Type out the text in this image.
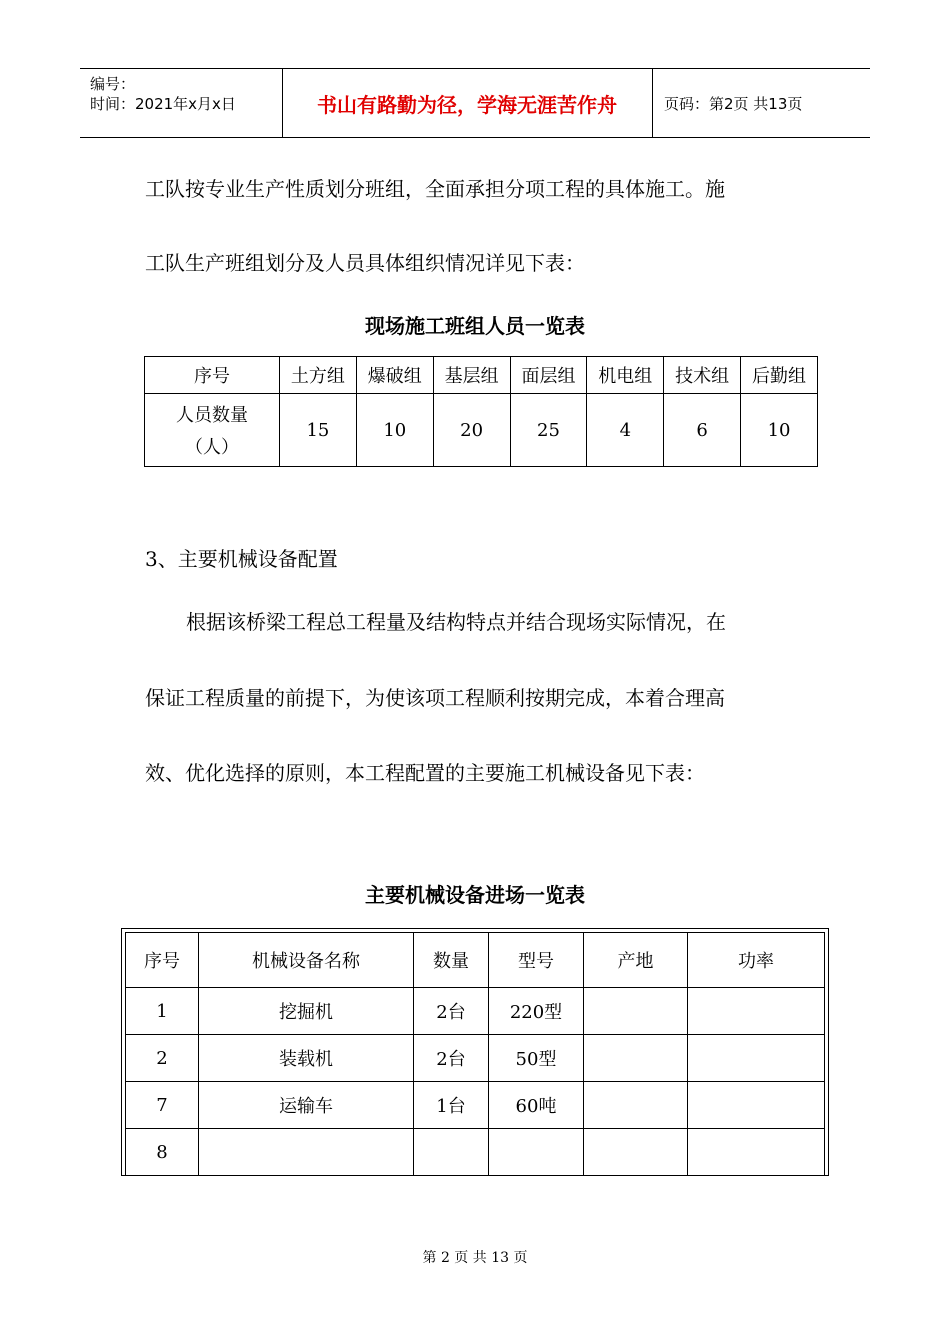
编号：
时间：2021年x月x日	书山有路勤为径，学海无涯苦作舟	页码：第2页 共13页
工队按专业生产性质划分班组，全面承担分项工程的具体施工。施
工队生产班组划分及人员具体组织情况详见下表：
现场施工班组人员一览表
序号	土方组	爆破组	基层组	面层组	机电组	技术组	后勤组

人员数量
（人）	15	10	20	25	4	6	10
3、主要机械设备配置
根据该桥梁工程总工程量及结构特点并结合现场实际情况，在
保证工程质量的前提下，为使该项工程顺利按期完成，本着合理高
效、优化选择的原则，本工程配置的主要施工机械设备见下表：
主要机械设备进场一览表
序号	机械设备名称	数量	型号	产地	功率
1	挖掘机	2台	220型		
2	装载机	2台	50型		
7	运输车	1台	60吨		
8					
第 2 页 共 13 页
